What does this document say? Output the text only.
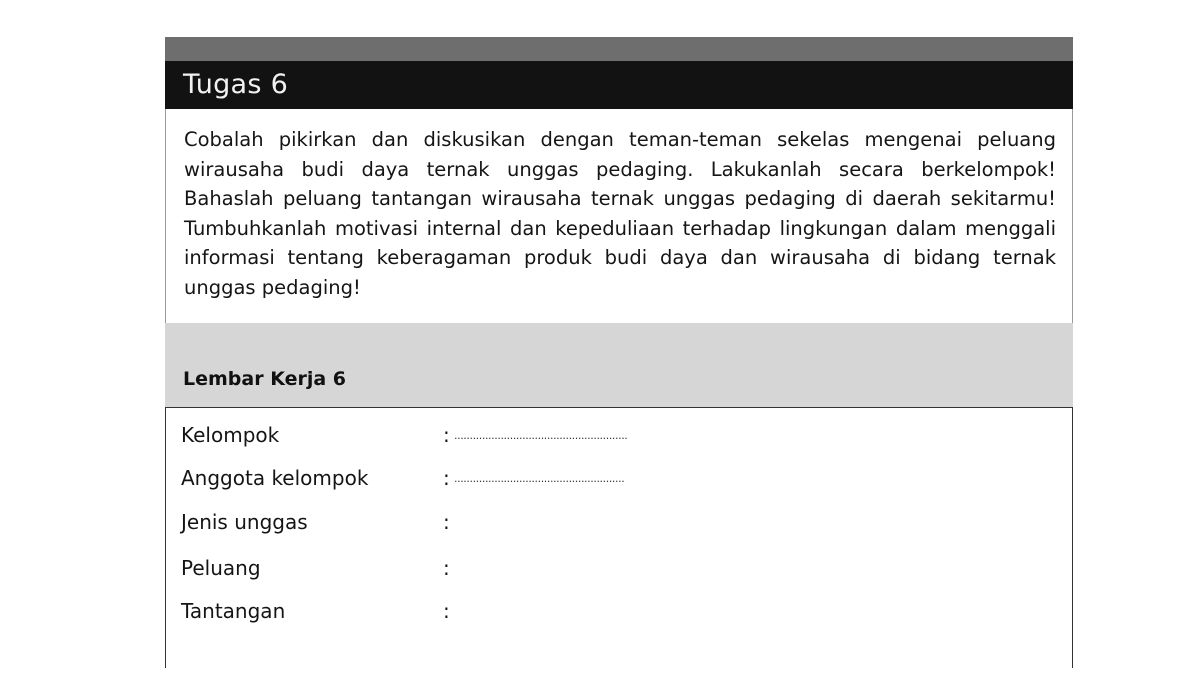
Tugas 6

Cobalah pikirkan dan diskusikan dengan teman-teman sekelas mengenai peluang wirausaha budi daya ternak unggas pedaging. Lakukanlah secara berkelompok! Bahaslah peluang tantangan wirausaha ternak unggas pedaging di daerah sekitarmu! Tumbuhkanlah motivasi internal dan kepeduliaan terhadap lingkungan dalam menggali informasi tentang keberagaman produk budi daya dan wirausaha di bidang ternak unggas pedaging!

Lembar Kerja 6
Kelompok	: ........................................................
Anggota kelompok	: .......................................................
Jenis unggas	:
Peluang	:
Tantangan	:
